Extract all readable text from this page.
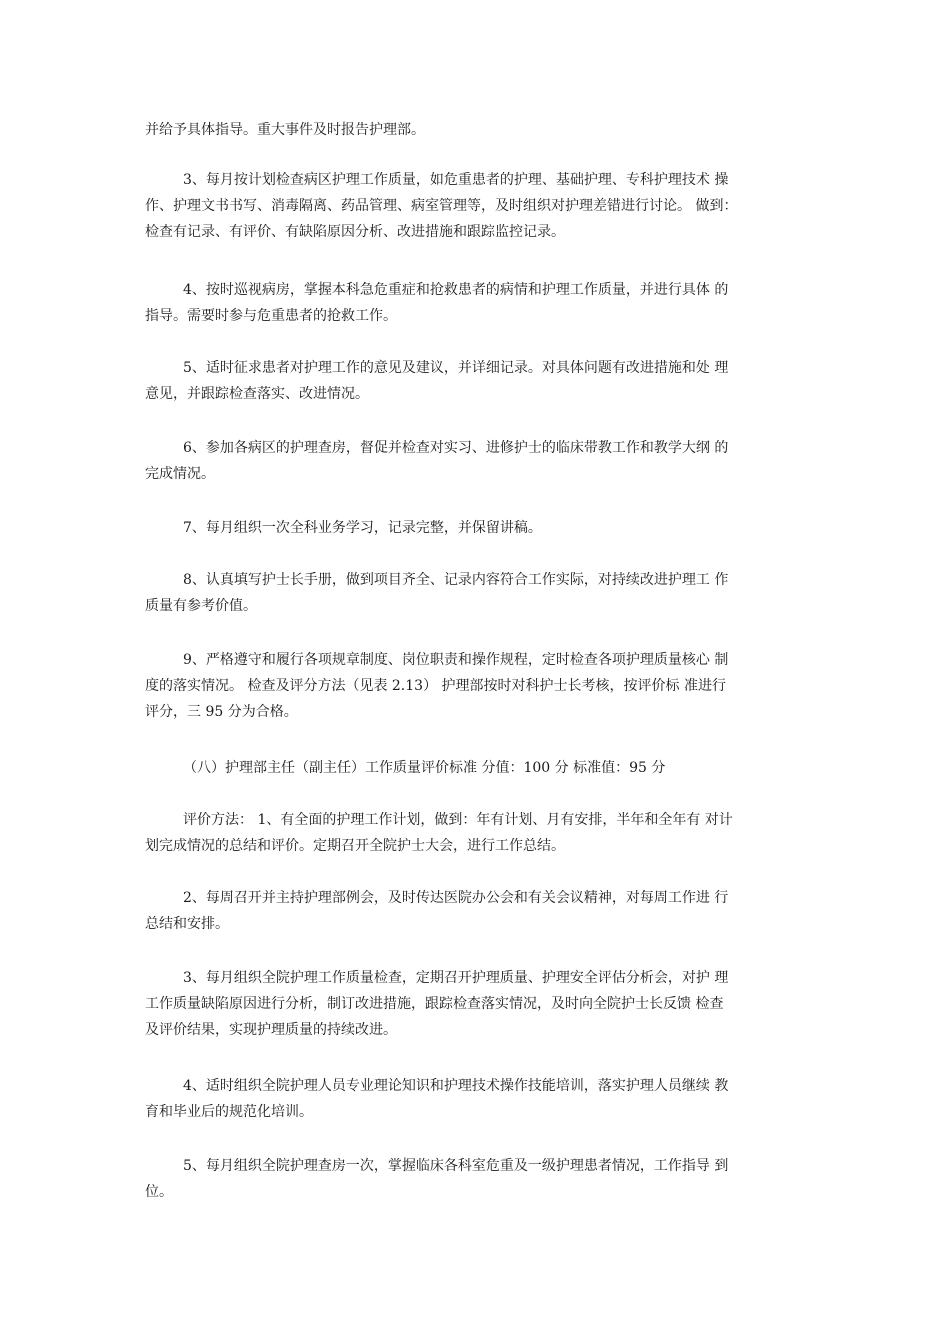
并给予具体指导。重大事件及时报告护理部。
3、每月按计划检查病区护理工作质量，如危重患者的护理、基础护理、专科护理技术 操
作、护理文书书写、消毒隔离、药品管理、病室管理等，及时组织对护理差错进行讨论。 做到：
检查有记录、有评价、有缺陷原因分析、改进措施和跟踪监控记录。
4、按时巡视病房，掌握本科急危重症和抢救患者的病情和护理工作质量，并进行具体 的
指导。需要时参与危重患者的抢救工作。
5、适时征求患者对护理工作的意见及建议，并详细记录。对具体问题有改进措施和处 理
意见，并跟踪检查落实、改进情况。
6、参加各病区的护理查房，督促并检查对实习、进修护士的临床带教工作和教学大纲 的
完成情况。
7、每月组织一次全科业务学习，记录完整，并保留讲稿。
8、认真填写护士长手册，做到项目齐全、记录内容符合工作实际，对持续改进护理工 作
质量有参考价值。
9、严格遵守和履行各项规章制度、岗位职责和操作规程，定时检查各项护理质量核心 制
度的落实情况。 检查及评分方法（见表 2.13） 护理部按时对科护士长考核，按评价标 准进行
评分，三 95 分为合格。
（八）护理部主任（副主任）工作质量评价标准 分值：100 分 标准值：95 分
评价方法： 1、有全面的护理工作计划，做到：年有计划、月有安排，半年和全年有 对计
划完成情况的总结和评价。定期召开全院护士大会，进行工作总结。
2、每周召开并主持护理部例会，及时传达医院办公会和有关会议精神，对每周工作进 行
总结和安排。
3、每月组织全院护理工作质量检查，定期召开护理质量、护理安全评估分析会，对护 理
工作质量缺陷原因进行分析，制订改进措施，跟踪检查落实情况，及时向全院护士长反馈 检查
及评价结果，实现护理质量的持续改进。
4、适时组织全院护理人员专业理论知识和护理技术操作技能培训，落实护理人员继续 教
育和毕业后的规范化培训。
5、每月组织全院护理查房一次，掌握临床各科室危重及一级护理患者情况，工作指导 到
位。
